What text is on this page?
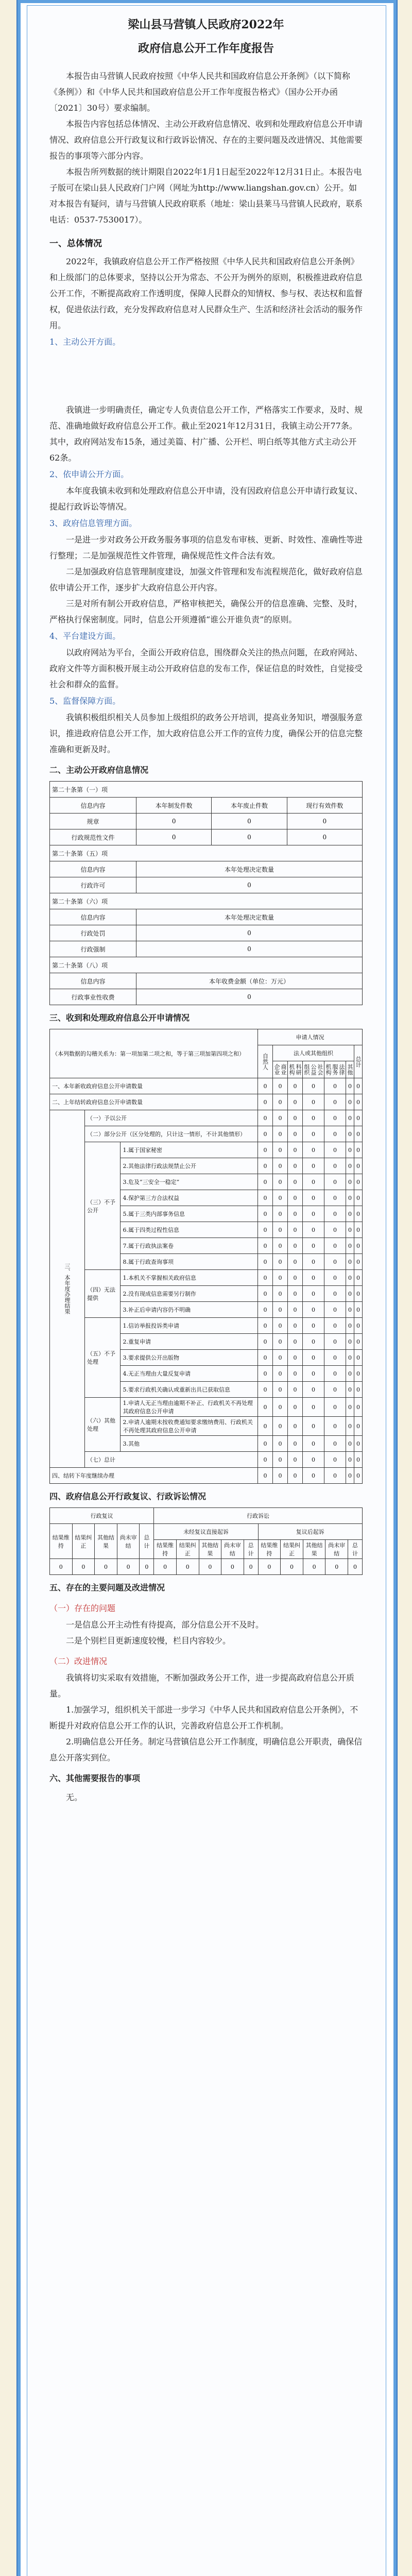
梁山县马营镇人民政府2022年
政府信息公开工作年度报告

本报告由马营镇人民政府按照《中华人民共和国政府信息公开条例》（以下简称《条例》）和《中华人民共和国政府信息公开工作年度报告格式》（国办公开办函〔2021〕30号）要求编制。

本报告内容包括总体情况、主动公开政府信息情况、收到和处理政府信息公开申请情况、政府信息公开行政复议和行政诉讼情况、存在的主要问题及改进情况、其他需要报告的事项等六部分内容。

本报告所列数据的统计期限自2022年1月1日起至2022年12月31日止。本报告电子版可在梁山县人民政府门户网（网址为http://www.liangshan.gov.cn）公开。如对本报告有疑问，请与马营镇人民政府联系（地址：梁山县莱马马营镇人民政府，联系电话：0537-7530017）。

一、总体情况

2022年，我镇政府信息公开工作严格按照《中华人民共和国政府信息公开条例》和上级部门的总体要求，坚持以公开为常态、不公开为例外的原则，积极推进政府信息公开工作，不断提高政府工作透明度，保障人民群众的知情权、参与权、表达权和监督权，促进依法行政，充分发挥政府信息对人民群众生产、生活和经济社会活动的服务作用。

1、主动公开方面。

我镇进一步明确责任，确定专人负责信息公开工作，严格落实工作要求，及时、规范、准确地做好政府信息公开工作。截止至2021年12月31日，我镇主动公开77条。其中，政府网站发布15条，通过美篇、村广播、公开栏、明白纸等其他方式主动公开62条。

2、依申请公开方面。

本年度我镇未收到和处理政府信息公开申请，没有因政府信息公开申请行政复议、提起行政诉讼等情况。

3、政府信息管理方面。

一是进一步对政务公开政务服务事项的信息发布审核、更新、时效性、准确性等进行整理；二是加强规范性文件管理，确保规范性文件合法有效。

二是加强政府信息管理制度建设，加强文件管理和发布流程规范化，做好政府信息依申请公开工作，逐步扩大政府信息公开内容。

三是对所有制公开政府信息，严格审核把关，确保公开的信息准确、完整、及时，严格执行保密制度。同时，信息公开须遵循“谁公开谁负责”的原则。

4、平台建设方面。

以政府网站为平台，全面公开政府信息，围绕群众关注的热点问题，在政府网站、政府文件等方面积极开展主动公开政府信息的发布工作，保证信息的时效性，自觉接受社会和群众的监督。

5、监督保障方面。

我镇积极组织相关人员参加上级组织的政务公开培训，提高业务知识，增强服务意识，推进政府信息公开工作，加大政府信息公开工作的宣传力度，确保公开的信息完整准确和更新及时。

二、主动公开政府信息情况
第二十条第（一）项			
信息内容	本年制发件数	本年废止件数	现行有效件数
规章	0	0	0
行政规范性文件	0	0	0
第二十条第（五）项			
信息内容	本年处理决定数量		
行政许可	0		
第二十条第（六）项			
信息内容	本年处理决定数量		
行政处罚	0		
行政强制	0		
第二十条第（八）项			
信息内容	本年收费金额（单位：万元）		
行政事业性收费	0		
三、收到和处理政府信息公开申请情况
（本列数据的勾稽关系为：第一项加第二项之和，等于第三项加第四项之和）			申请人情况						
			自然人	法人或其他组织					总计
				商业企业	科研机构	社会公益组织	法律服务机构	其他	
一、本年新收政府信息公开申请数量			0	0	0	0	0	0	0
二、上年结转政府信息公开申请数量			0	0	0	0	0	0	0
三、本年度办理结果	（一）予以公开		0	0	0	0	0	0	0
	（二）部分公开（区分处理的，只计这一情形，不计其他情形）		0	0	0	0	0	0	0
	（三）不予公开	1.属于国家秘密	0	0	0	0	0	0	0
		2.其他法律行政法规禁止公开	0	0	0	0	0	0	0
		3.危及“三安全一稳定”	0	0	0	0	0	0	0
		4.保护第三方合法权益	0	0	0	0	0	0	0
		5.属于三类内部事务信息	0	0	0	0	0	0	0
		6.属于四类过程性信息	0	0	0	0	0	0	0
		7.属于行政执法案卷	0	0	0	0	0	0	0
		8.属于行政查询事项	0	0	0	0	0	0	0
	（四）无法提供	1.本机关不掌握相关政府信息	0	0	0	0	0	0	0
		2.没有现成信息需要另行制作	0	0	0	0	0	0	0
		3.补正后申请内容仍不明确	0	0	0	0	0	0	0
	（五）不予处理	1.信访举报投诉类申请	0	0	0	0	0	0	0
		2.重复申请	0	0	0	0	0	0	0
		3.要求提供公开出版物	0	0	0	0	0	0	0
		4.无正当理由大量反复申请	0	0	0	0	0	0	0
		5.要求行政机关确认或重新出具已获取信息	0	0	0	0	0	0	0
	（六）其他处理	1.申请人无正当理由逾期不补正、行政机关不再处理其政府信息公开申请	0	0	0	0	0	0	0
		2.申请人逾期未按收费通知要求缴纳费用、行政机关不再处理其政府信息公开申请	0	0	0	0	0	0	0
		3.其他	0	0	0	0	0	0	0
	（七）总计		0	0	0	0	0	0	0
四、结转下年度继续办理			0	0	0	0	0	0	0
四、政府信息公开行政复议、行政诉讼情况
行政复议					行政诉讼									
结果维持	结果纠正	其他结果	尚未审结	总计	未经复议直接起诉					复议后起诉				
					结果维持	结果纠正	其他结果	尚未审结	总计	结果维持	结果纠正	其他结果	尚未审结	总计
0	0	0	0	0	0	0	0	0	0	0	0	0	0	0
五、存在的主要问题及改进情况

（一）存在的问题

一是信息公开主动性有待提高，部分信息公开不及时。

二是个别栏目更新速度较慢，栏目内容较少。

（二）改进情况

我镇将切实采取有效措施，不断加强政务公开工作，进一步提高政府信息公开质量。

1.加强学习，组织机关干部进一步学习《中华人民共和国政府信息公开条例》，不断提升对政府信息公开工作的认识，完善政府信息公开工作机制。

2.明确信息公开任务。制定马营镇信息公开工作制度，明确信息公开职责，确保信息公开落实到位。

六、其他需要报告的事项

无。
